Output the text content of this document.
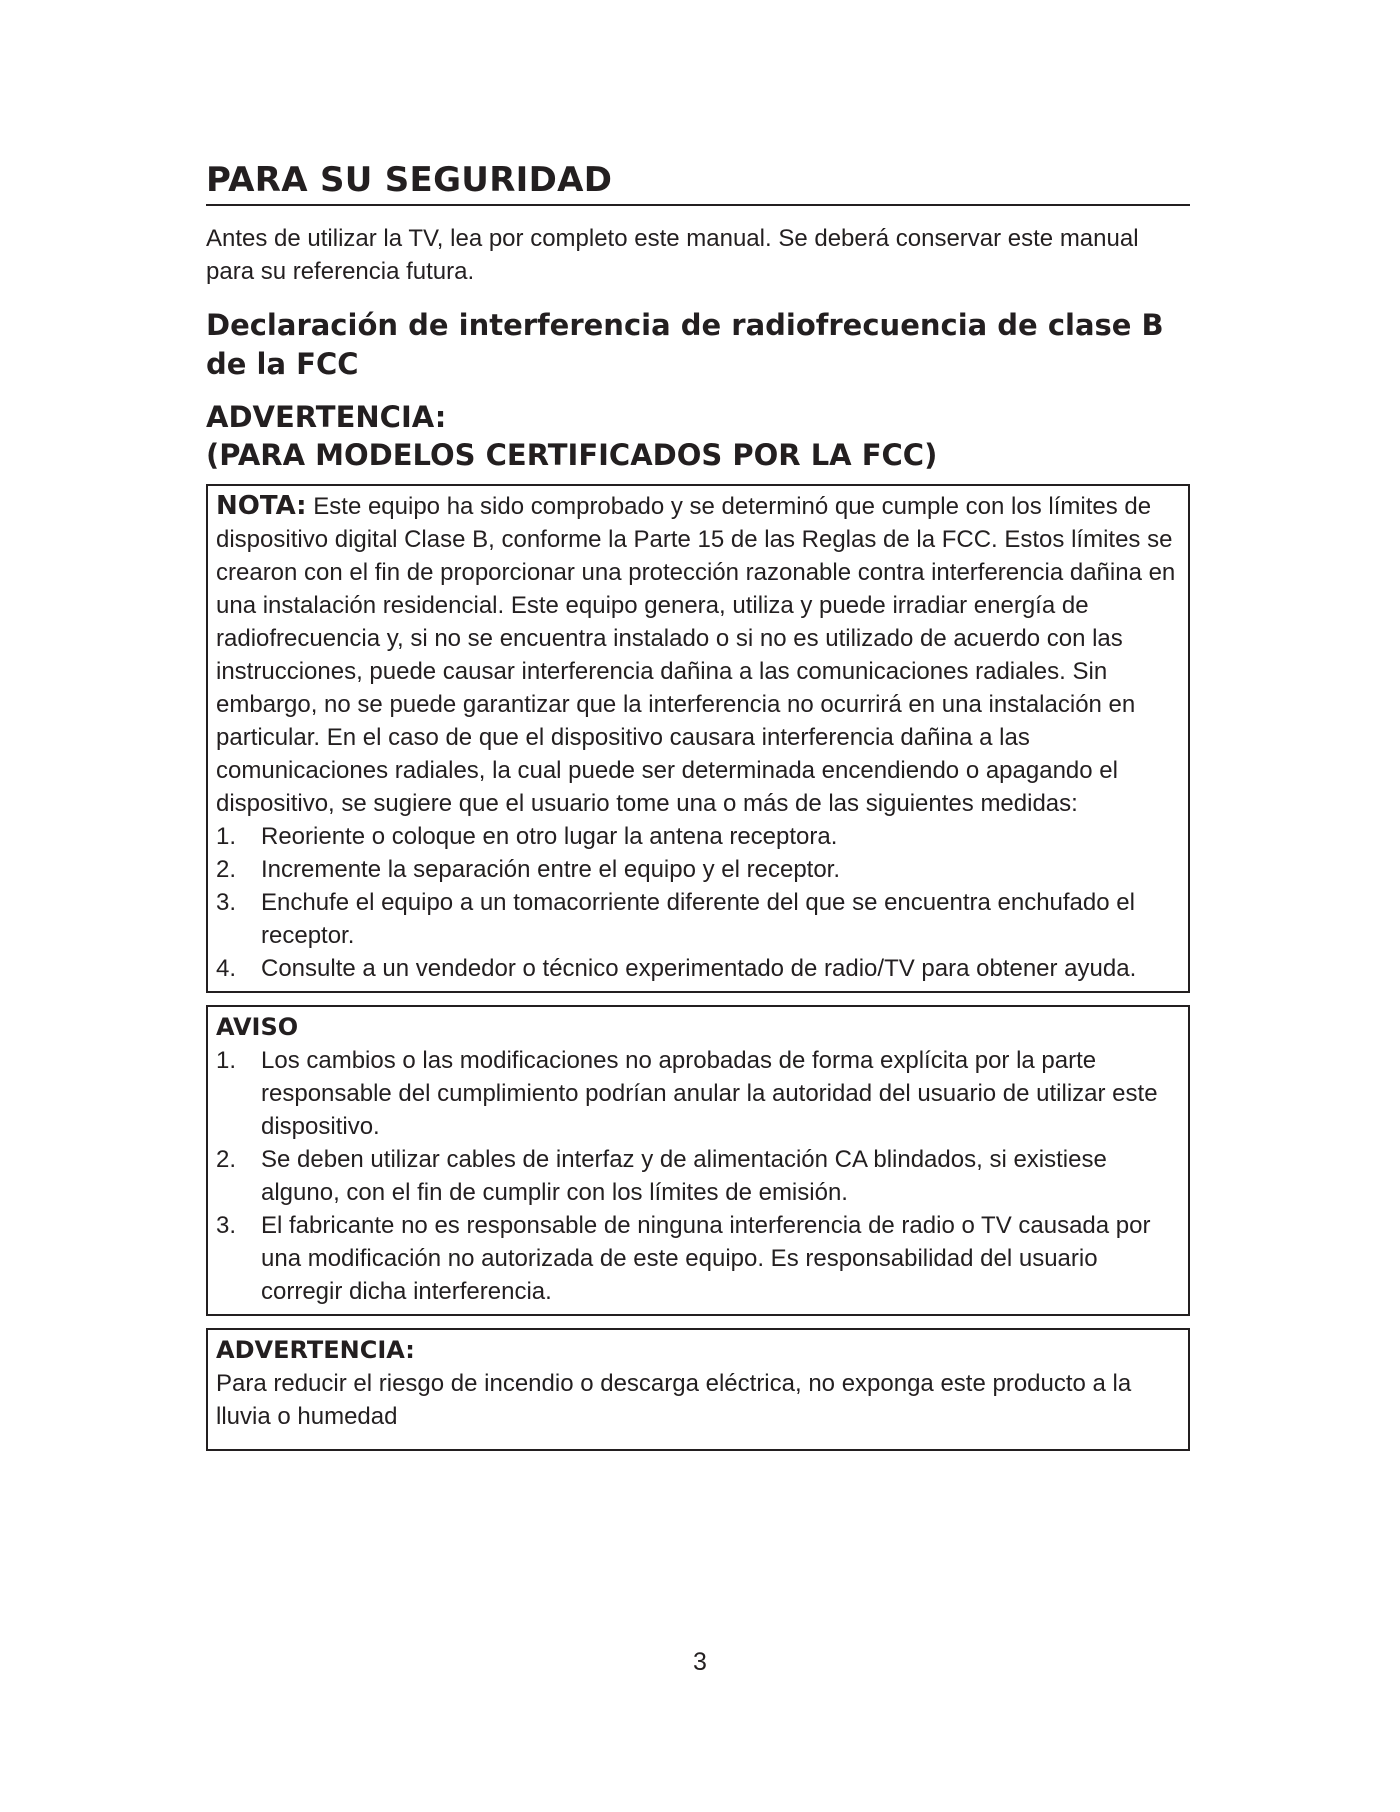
PARA SU SEGURIDAD

Antes de utilizar la TV, lea por completo este manual. Se deberá conservar este manual para su referencia futura.

Declaración de interferencia de radiofrecuencia de clase B de la FCC
ADVERTENCIA:
(PARA MODELOS CERTIFICADOS POR LA FCC)

NOTA: Este equipo ha sido comprobado y se determinó que cumple con los límites de dispositivo digital Clase B, conforme la Parte 15 de las Reglas de la FCC. Estos límites se crearon con el fin de proporcionar una protección razonable contra interferencia dañina en una instalación residencial. Este equipo genera, utiliza y puede irradiar energía de radiofrecuencia y, si no se encuentra instalado o si no es utilizado de acuerdo con las instrucciones, puede causar interferencia dañina a las comunicaciones radiales. Sin embargo, no se puede garantizar que la interferencia no ocurrirá en una instalación en particular. En el caso de que el dispositivo causara interferencia dañina a las comunicaciones radiales, la cual puede ser determinada encendiendo o apagando el dispositivo, se sugiere que el usuario tome una o más de las siguientes medidas:

1.	Reoriente o coloque en otro lugar la antena receptora.
2.	Incremente la separación entre el equipo y el receptor.
3.	Enchufe el equipo a un tomacorriente diferente del que se encuentra enchufado el receptor.
4.	Consulte a un vendedor o técnico experimentado de radio/TV para obtener ayuda.

AVISO

1.	Los cambios o las modificaciones no aprobadas de forma explícita por la parte responsable del cumplimiento podrían anular la autoridad del usuario de utilizar este dispositivo.
2.	Se deben utilizar cables de interfaz y de alimentación CA blindados, si existiese alguno, con el fin de cumplir con los límites de emisión.
3.	El fabricante no es responsable de ninguna interferencia de radio o TV causada por una modificación no autorizada de este equipo. Es responsabilidad del usuario corregir dicha interferencia.

ADVERTENCIA:

Para reducir el riesgo de incendio o descarga eléctrica, no exponga este producto a la lluvia o humedad

3
